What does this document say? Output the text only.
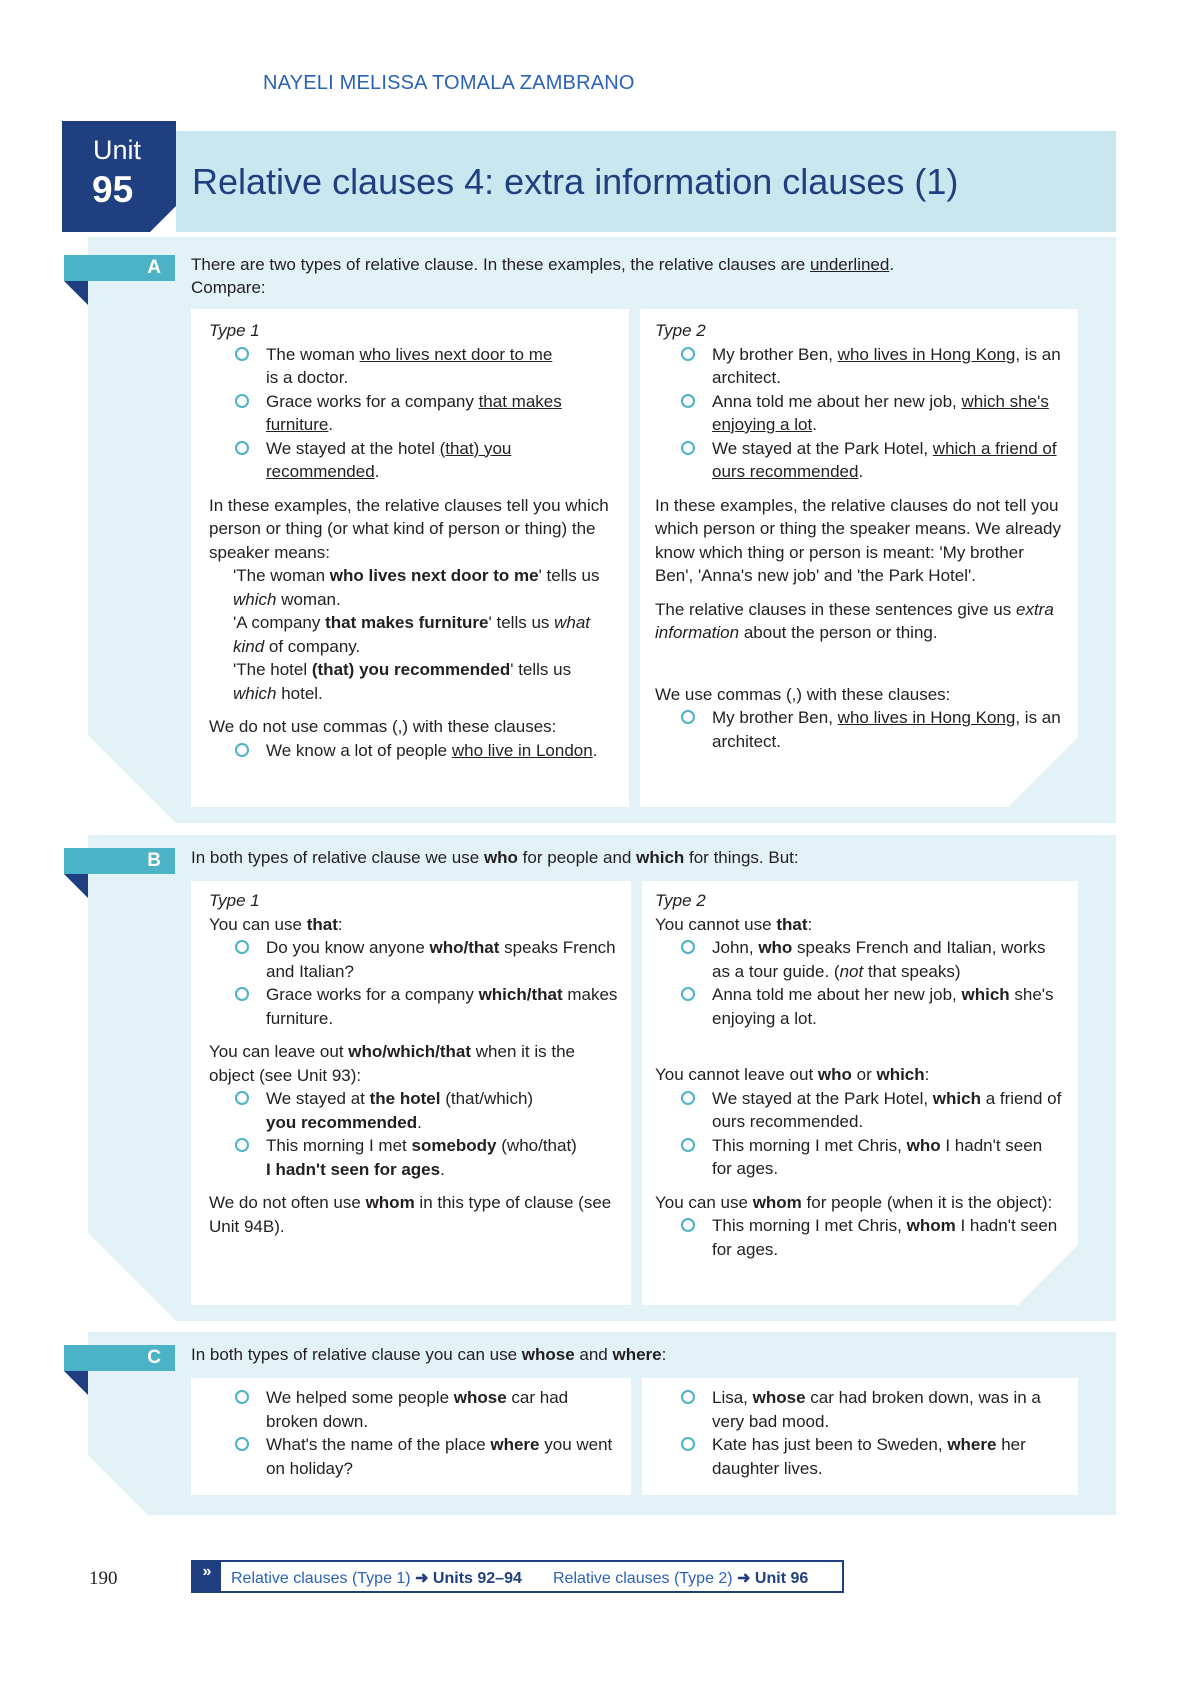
NAYELI MELISSA TOMALA ZAMBRANO
Unit
95 Relative clauses 4: extra information clauses (1)
A	There are two types of relative clause. In these examples, the relative clauses are underlined.
Compare:
Type 1
The woman who lives next door to me
is a doctor.
Grace works for a company that makes furniture.
We stayed at the hotel (that) you recommended.
In these examples, the relative clauses tell you which person or thing (or what kind of person or thing) the speaker means:
'The woman who lives next door to me' tells us which woman.
'A company that makes furniture' tells us what kind of company.
'The hotel (that) you recommended' tells us which hotel.
We do not use commas (,) with these clauses:
We know a lot of people who live in London.
Type 2
My brother Ben, who lives in Hong Kong, is an architect.
Anna told me about her new job, which she's enjoying a lot.
We stayed at the Park Hotel, which a friend of ours recommended.
In these examples, the relative clauses do not tell you which person or thing the speaker means. We already know which thing or person is meant: 'My brother Ben', 'Anna's new job' and 'the Park Hotel'.
The relative clauses in these sentences give us extra information about the person or thing.
We use commas (,) with these clauses:
My brother Ben, who lives in Hong Kong, is an architect.
B	In both types of relative clause we use who for people and which for things. But:
Type 1
You can use that:
Do you know anyone who/that speaks French and Italian?
Grace works for a company which/that makes furniture.
You can leave out who/which/that when it is the object (see Unit 93):
We stayed at the hotel (that/which)
you recommended.
This morning I met somebody (who/that)
I hadn't seen for ages.
We do not often use whom in this type of clause (see Unit 94B).
Type 2
You cannot use that:
John, who speaks French and Italian, works as a tour guide. (not that speaks)
Anna told me about her new job, which she's enjoying a lot.
You cannot leave out who or which:
We stayed at the Park Hotel, which a friend of ours recommended.
This morning I met Chris, who I hadn't seen for ages.
You can use whom for people (when it is the object):
This morning I met Chris, whom I hadn't seen for ages.
C	In both types of relative clause you can use whose and where:
We helped some people whose car had broken down.
What's the name of the place where you went on holiday?
Lisa, whose car had broken down, was in a very bad mood.
Kate has just been to Sweden, where her daughter lives.
190	»	Relative clauses (Type 1) ➜ Units 92–94 Relative clauses (Type 2) ➜ Unit 96
